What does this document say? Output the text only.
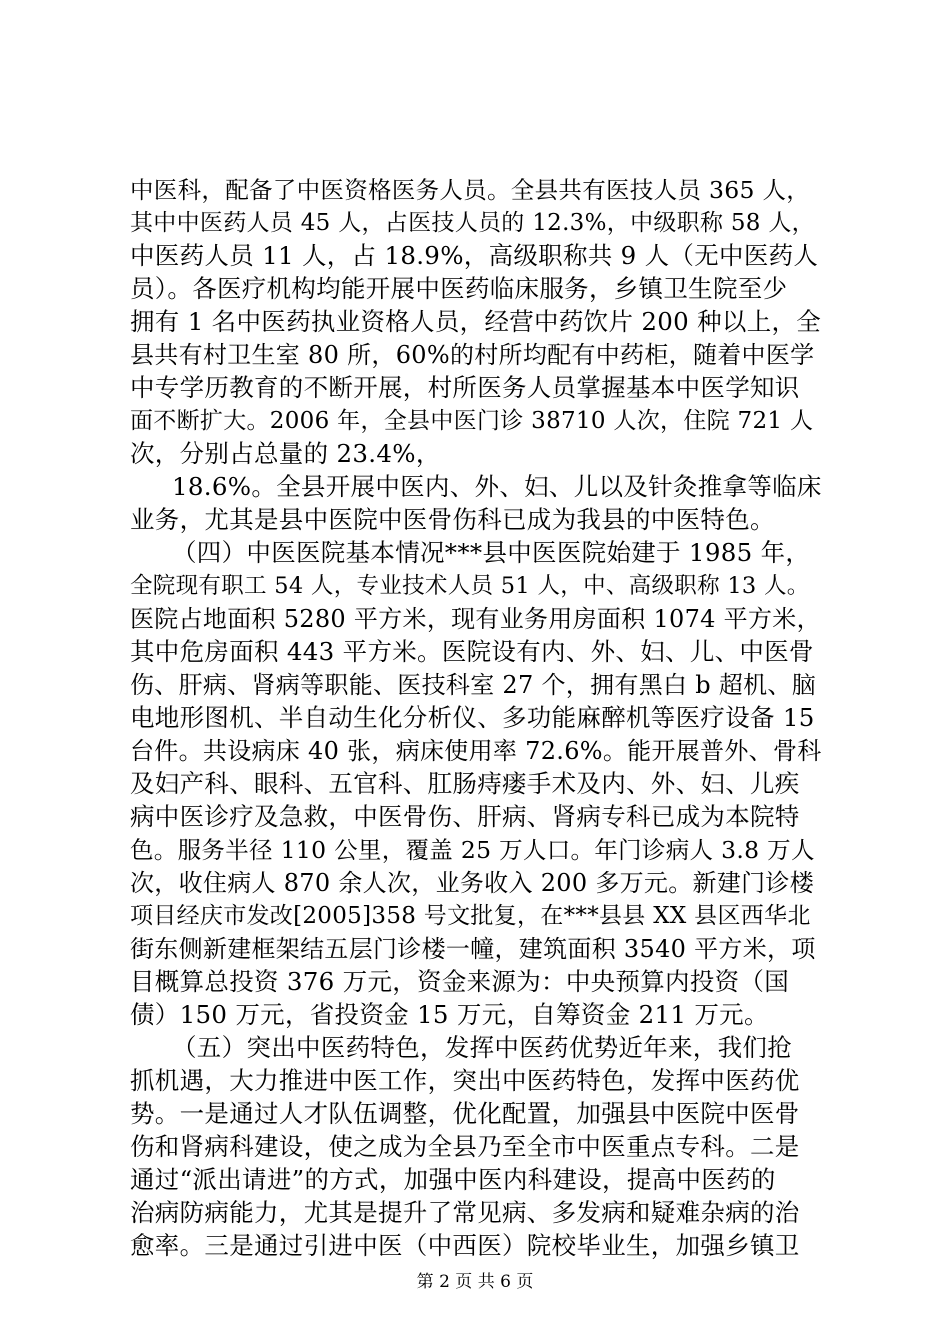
中医科，配备了中医资格医务人员。全县共有医技人员 365 人，
其中中医药人员 45 人，占医技人员的 12.3%，中级职称 58 人，
中医药人员 11 人，占 18.9%，高级职称共 9 人（无中医药人
员）。各医疗机构均能开展中医药临床服务，乡镇卫生院至少
拥有 1 名中医药执业资格人员，经营中药饮片 200 种以上，全
县共有村卫生室 80 所，60%的村所均配有中药柜，随着中医学
中专学历教育的不断开展，村所医务人员掌握基本中医学知识
面不断扩大。2006 年，全县中医门诊 38710 人次，住院 721 人
次，分别占总量的 23.4%，
18.6%。全县开展中医内、外、妇、儿以及针灸推拿等临床
业务，尤其是县中医院中医骨伤科已成为我县的中医特色。
（四）中医医院基本情况***县中医医院始建于 1985 年，
全院现有职工 54 人，专业技术人员 51 人，中、高级职称 13 人。
医院占地面积 5280 平方米，现有业务用房面积 1074 平方米，
其中危房面积 443 平方米。医院设有内、外、妇、儿、中医骨
伤、肝病、肾病等职能、医技科室 27 个，拥有黑白 b 超机、脑
电地形图机、半自动生化分析仪、多功能麻醉机等医疗设备 15
台件。共设病床 40 张，病床使用率 72.6%。能开展普外、骨科
及妇产科、眼科、五官科、肛肠痔瘘手术及内、外、妇、儿疾
病中医诊疗及急救，中医骨伤、肝病、肾病专科已成为本院特
色。服务半径 110 公里，覆盖 25 万人口。年门诊病人 3.8 万人
次，收住病人 870 余人次，业务收入 200 多万元。新建门诊楼
项目经庆市发改[2005]358 号文批复，在***县县 XX 县区西华北
街东侧新建框架结五层门诊楼一幢，建筑面积 3540 平方米，项
目概算总投资 376 万元，资金来源为：中央预算内投资（国
债）150 万元，省投资金 15 万元，自筹资金 211 万元。
（五）突出中医药特色，发挥中医药优势近年来，我们抢
抓机遇，大力推进中医工作，突出中医药特色，发挥中医药优
势。一是通过人才队伍调整，优化配置，加强县中医院中医骨
伤和肾病科建设，使之成为全县乃至全市中医重点专科。二是
通过“派出请进”的方式，加强中医内科建设，提高中医药的
治病防病能力，尤其是提升了常见病、多发病和疑难杂病的治
愈率。三是通过引进中医（中西医）院校毕业生，加强乡镇卫
第 2 页 共 6 页
